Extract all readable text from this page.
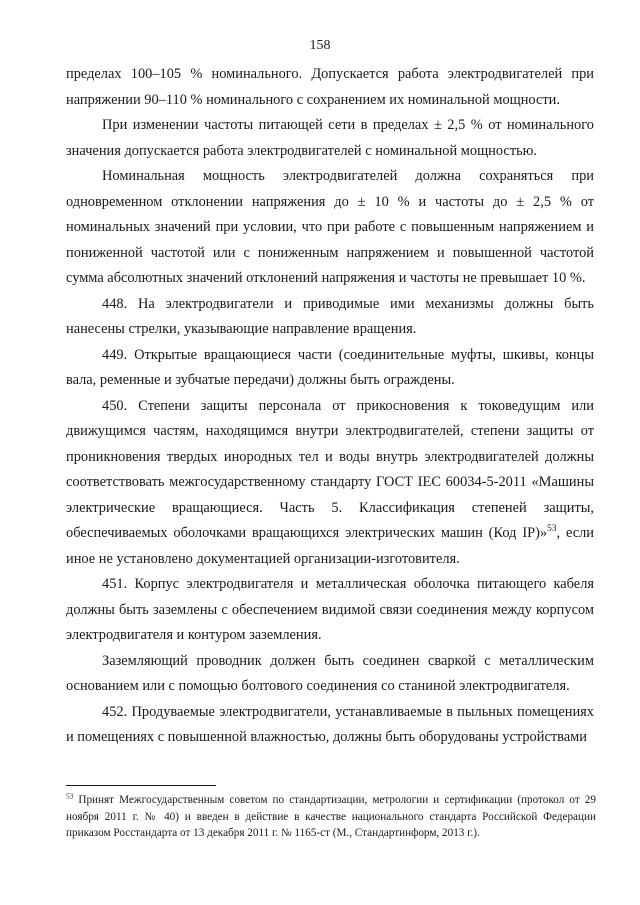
158

пределах 100–105 % номинального. Допускается работа электродвигателей при напряжении 90–110 % номинального с сохранением их номинальной мощности.

При изменении частоты питающей сети в пределах ± 2,5 % от номинального значения допускается работа электродвигателей с номинальной мощностью.

Номинальная мощность электродвигателей должна сохраняться при одновременном отклонении напряжения до ± 10 % и частоты до ± 2,5 % от номинальных значений при условии, что при работе с повышенным напряжением и пониженной частотой или с пониженным напряжением и повышенной частотой сумма абсолютных значений отклонений напряжения и частоты не превышает 10 %.

448. На электродвигатели и приводимые ими механизмы должны быть нанесены стрелки, указывающие направление вращения.

449. Открытые вращающиеся части (соединительные муфты, шкивы, концы вала, ременные и зубчатые передачи) должны быть ограждены.

450. Степени защиты персонала от прикосновения к токоведущим или движущимся частям, находящимся внутри электродвигателей, степени защиты от проникновения твердых инородных тел и воды внутрь электродвигателей должны соответствовать межгосударственному стандарту ГОСТ IEC 60034-5-2011 «Машины электрические вращающиеся. Часть 5. Классификация степеней защиты, обеспечиваемых оболочками вращающихся электрических машин (Код IP)»$^{53}$, если иное не установлено документацией организации-изготовителя.

451. Корпус электродвигателя и металлическая оболочка питающего кабеля должны быть заземлены с обеспечением видимой связи соединения между корпусом электродвигателя и контуром заземления.

Заземляющий проводник должен быть соединен сваркой с металлическим основанием или с помощью болтового соединения со станиной электродвигателя.

452. Продуваемые электродвигатели, устанавливаемые в пыльных помещениях и помещениях с повышенной влажностью, должны быть оборудованы устройствами

$^{53}$ Принят Межгосударственным советом по стандартизации, метрологии и сертификации (протокол от 29 ноября 2011 г. № 40) и введен в действие в качестве национального стандарта Российской Федерации приказом Росстандарта от 13 декабря 2011 г. № 1165-ст (М., Стандартинформ, 2013 г.).
